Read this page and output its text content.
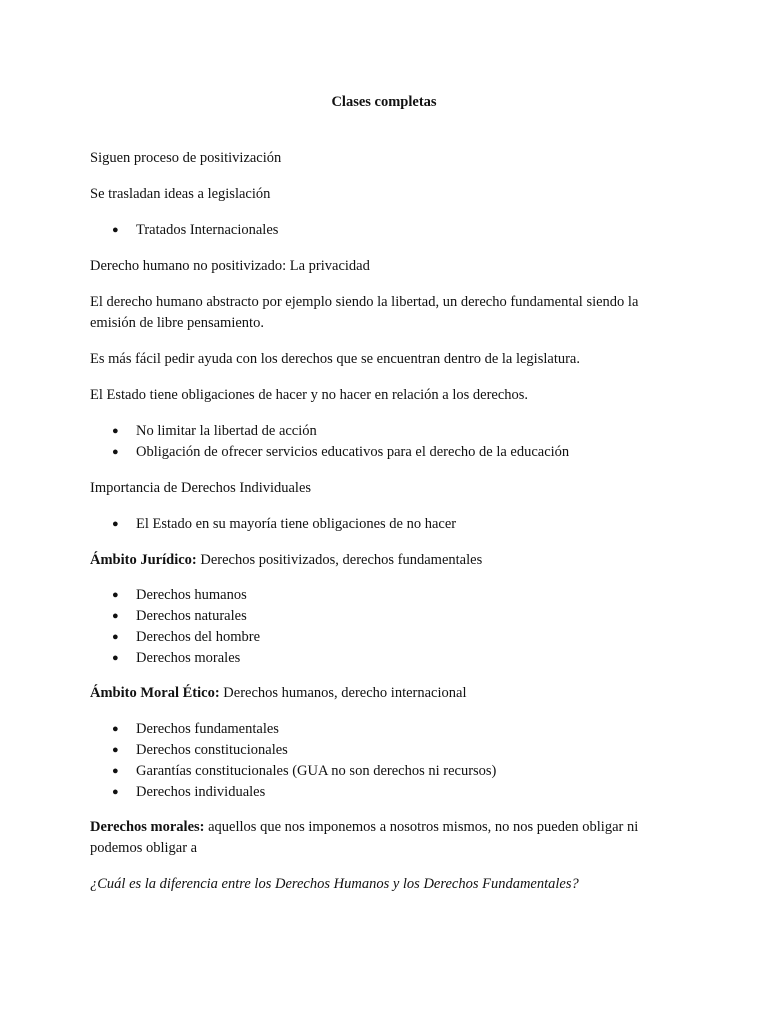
Clases completas

Siguen proceso de positivización

Se trasladan ideas a legislación

● Tratados Internacionales

Derecho humano no positivizado: La privacidad

El derecho humano abstracto por ejemplo siendo la libertad, un derecho fundamental siendo la
emisión de libre pensamiento.

Es más fácil pedir ayuda con los derechos que se encuentran dentro de la legislatura.

El Estado tiene obligaciones de hacer y no hacer en relación a los derechos.

● No limitar la libertad de acción
● Obligación de ofrecer servicios educativos para el derecho de la educación

Importancia de Derechos Individuales

● El Estado en su mayoría tiene obligaciones de no hacer

Ámbito Jurídico: Derechos positivizados, derechos fundamentales

● Derechos humanos
● Derechos naturales
● Derechos del hombre
● Derechos morales

Ámbito Moral Ético: Derechos humanos, derecho internacional

● Derechos fundamentales
● Derechos constitucionales
● Garantías constitucionales (GUA no son derechos ni recursos)
● Derechos individuales

Derechos morales: aquellos que nos imponemos a nosotros mismos, no nos pueden obligar ni
podemos obligar a

¿Cuál es la diferencia entre los Derechos Humanos y los Derechos Fundamentales?
